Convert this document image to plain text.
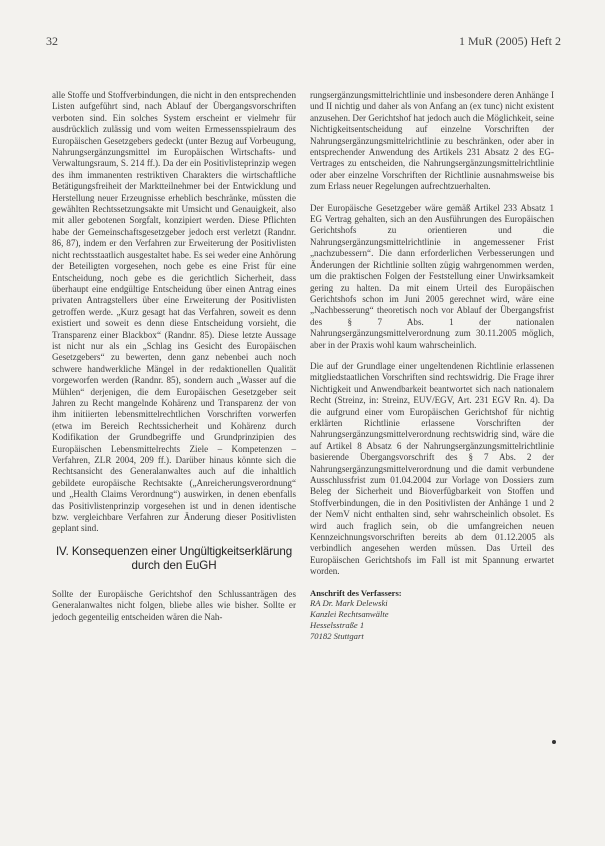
32	1 MuR (2005) Heft 2

alle Stoffe und Stoffverbindungen, die nicht in den entsprechenden Listen aufgeführt sind, nach Ablauf der Übergangsvorschriften verboten sind. Ein solches System erscheint er vielmehr für ausdrücklich zulässig und vom weiten Ermessensspielraum des Europäischen Gesetzgebers gedeckt (unter Bezug auf Vorbeugung, Nahrungsergänzungsmittel im Europäischen Wirtschafts- und Verwaltungsraum, S. 214 ff.). Da der ein Positivlisteprinzip wegen des ihm immanenten restriktiven Charakters die wirtschaftliche Betätigungsfreiheit der Marktteilnehmer bei der Entwicklung und Herstellung neuer Erzeugnisse erheblich beschränke, müssten die gewählten Rechtssetzungsakte mit Umsicht und Genauigkeit, also mit aller gebotenen Sorgfalt, konzipiert werden. Diese Pflichten habe der Gemeinschaftsgesetzgeber jedoch erst verletzt (Randnr. 86, 87), indem er den Verfahren zur Erweiterung der Positivlisten nicht rechtsstaatlich ausgestaltet habe. Es sei weder eine Anhörung der Beteiligten vorgesehen, noch gebe es eine Frist für eine Entscheidung, noch gebe es die gerichtlich Sicherheit, dass überhaupt eine endgültige Entscheidung über einen Antrag eines privaten Antragstellers über eine Erweiterung der Positivlisten getroffen werde. „Kurz gesagt hat das Verfahren, soweit es denn existiert und soweit es denn diese Entscheidung vorsieht, die Transparenz einer Blackbox“ (Randnr. 85). Diese letzte Aussage ist nicht nur als ein „Schlag ins Gesicht des Europäischen Gesetzgebers“ zu bewerten, denn ganz nebenbei auch noch schwere handwerkliche Mängel in der redaktionellen Qualität vorgeworfen werden (Randnr. 85), sondern auch „Wasser auf die Mühlen“ derjenigen, die dem Europäischen Gesetzgeber seit Jahren zu Recht mangelnde Kohärenz und Transparenz der von ihm initiierten lebensmittelrechtlichen Vorschriften vorwerfen (etwa im Bereich Rechtssicherheit und Kohärenz durch Kodifikation der Grundbegriffe und Grundprinzipien des Europäischen Lebensmittelrechts Ziele – Kompetenzen – Verfahren, ZLR 2004, 209 ff.). Darüber hinaus könnte sich die Rechtsansicht des Generalanwaltes auch auf die inhaltlich gebildete europäische Rechtsakte („Anreicherungsverordnung“ und „Health Claims Verordnung“) auswirken, in denen ebenfalls das Positivlistenprinzip vorgesehen ist und in denen identische bzw. vergleichbare Verfahren zur Änderung dieser Positivlisten geplant sind.

IV. Konsequenzen einer Ungültigkeitserklärung durch den EuGH

Sollte der Europäische Gerichtshof den Schlussanträgen des Generalanwaltes nicht folgen, bliebe alles wie bisher. Sollte er jedoch gegenteilig entscheiden wären die Nah-

rungsergänzungsmittelrichtlinie und insbesondere deren Anhänge I und II nichtig und daher als von Anfang an (ex tunc) nicht existent anzusehen. Der Gerichtshof hat jedoch auch die Möglichkeit, seine Nichtigkeitsentscheidung auf einzelne Vorschriften der Nahrungsergänzungsmittelrichtlinie zu beschränken, oder aber in entsprechender Anwendung des Artikels 231 Absatz 2 des EG-Vertrages zu entscheiden, die Nahrungsergänzungsmittelrichtlinie oder aber einzelne Vorschriften der Richtlinie ausnahmsweise bis zum Erlass neuer Regelungen aufrechtzuerhalten.

Der Europäische Gesetzgeber wäre gemäß Artikel 233 Absatz 1 EG Vertrag gehalten, sich an den Ausführungen des Europäischen Gerichtshofs zu orientieren und die Nahrungsergänzungsmittelrichtlinie in angemessener Frist „nachzubessern“. Die dann erforderlichen Verbesserungen und Änderungen der Richtlinie sollten zügig wahrgenommen werden, um die praktischen Folgen der Feststellung einer Unwirksamkeit gering zu halten. Da mit einem Urteil des Europäischen Gerichtshofs schon im Juni 2005 gerechnet wird, wäre eine „Nachbesserung“ theoretisch noch vor Ablauf der Übergangsfrist des § 7 Abs. 1 der nationalen Nahrungsergänzungsmittelverordnung zum 30.11.2005 möglich, aber in der Praxis wohl kaum wahrscheinlich.

Die auf der Grundlage einer ungeltendenen Richtlinie erlassenen mitgliedstaatlichen Vorschriften sind rechtswidrig. Die Frage ihrer Nichtigkeit und Anwendbarkeit beantwortet sich nach nationalem Recht (Streinz, in: Streinz, EUV/EGV, Art. 231 EGV Rn. 4). Da die aufgrund einer vom Europäischen Gerichtshof für nichtig erklärten Richtlinie erlassene Vorschriften der Nahrungsergänzungsmittelverordnung rechtswidrig sind, wäre die auf Artikel 8 Absatz 6 der Nahrungsergänzungsmittelrichtlinie basierende Übergangsvorschrift des § 7 Abs. 2 der Nahrungsergänzungsmittelverordnung und die damit verbundene Ausschlussfrist zum 01.04.2004 zur Vorlage von Dossiers zum Beleg der Sicherheit und Bioverfügbarkeit von Stoffen und Stoffverbindungen, die in den Positivlisten der Anhänge 1 und 2 der NemV nicht enthalten sind, sehr wahrscheinlich obsolet. Es wird auch fraglich sein, ob die umfangreichen neuen Kennzeichnungsvorschriften bereits ab dem 01.12.2005 als verbindlich angesehen werden müssen. Das Urteil des Europäischen Gerichtshofs im Fall ist mit Spannung erwartet worden.

Anschrift des Verfassers:
RA Dr. Mark Delewski
Kanzlei Rechtsanwälte
Hesselsstraße 1
70182 Stuttgart
